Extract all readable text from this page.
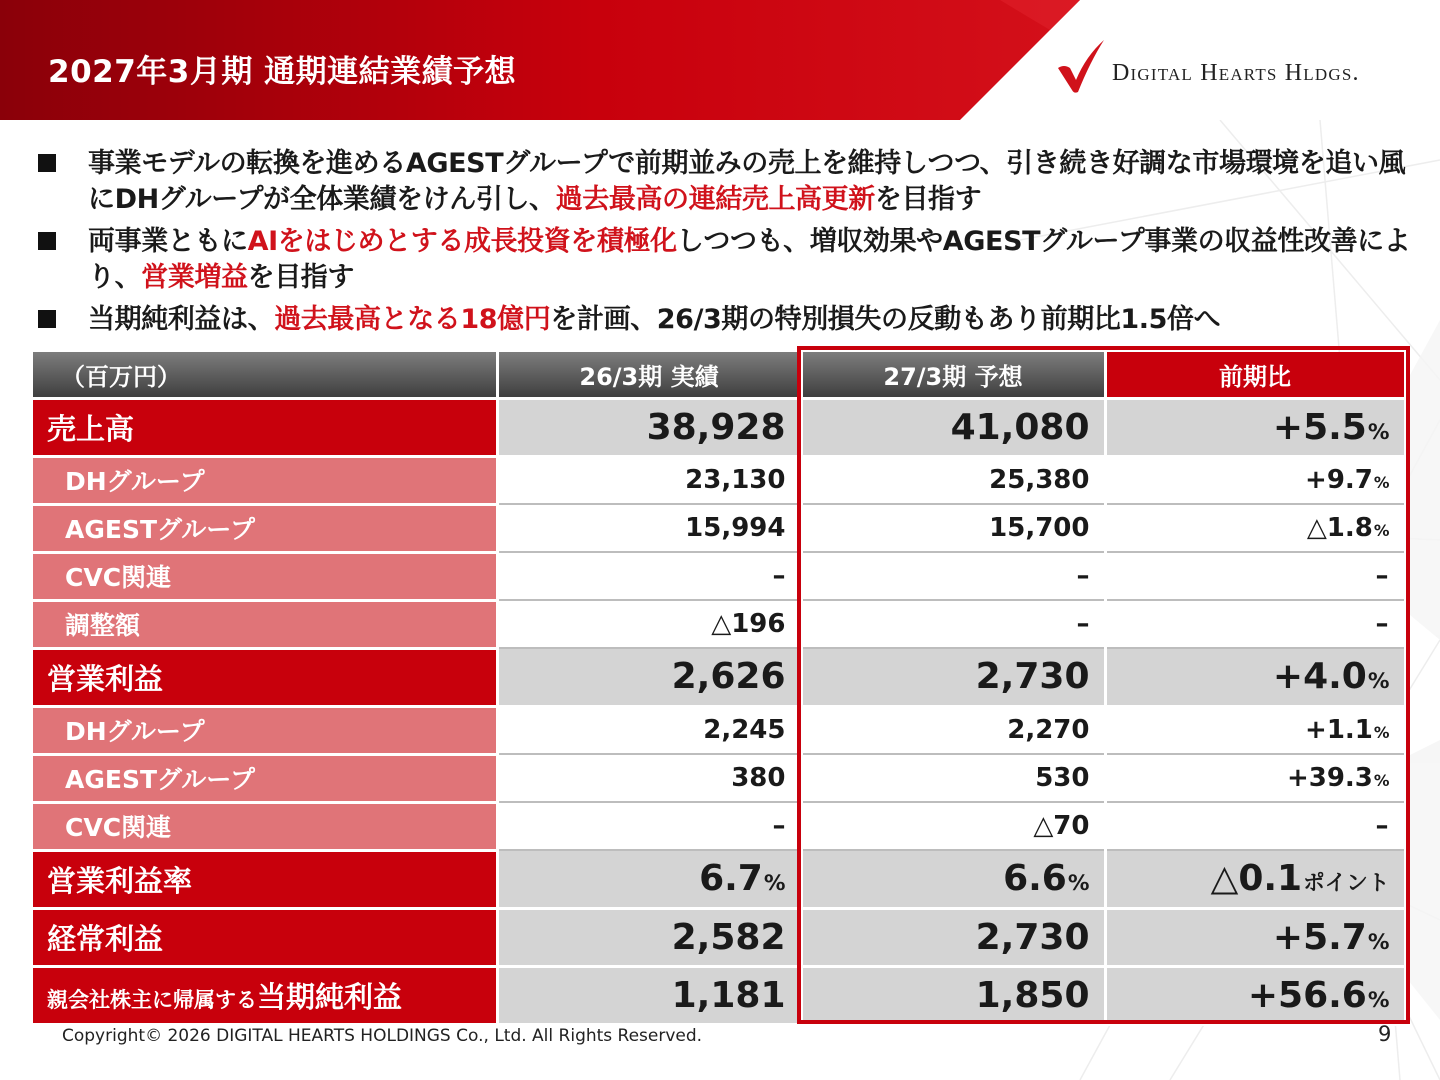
2027年3月期 通期連結業績予想	Digital Hearts Hldgs.
事業モデルの転換を進めるAGESTグループで前期並みの売上を維持しつつ、引き続き好調な市場環境を追い風にDHグループが全体業績をけん引し、過去最高の連結売上高更新を目指す
両事業ともにAIをはじめとする成長投資を積極化しつつも、増収効果やAGESTグループ事業の収益性改善により、営業増益を目指す
当期純利益は、過去最高となる18億円を計画、26/3期の特別損失の反動もあり前期比1.5倍へ
（百万円）	26/3期 実績	27/3期 予想	前期比
売上高	38,928	41,080	+5.5%
DHグループ	23,130	25,380	+9.7%
AGESTグループ	15,994	15,700	△1.8%
CVC関連	–	–	–
調整額	△196	–	–
営業利益	2,626	2,730	+4.0%
DHグループ	2,245	2,270	+1.1%
AGESTグループ	380	530	+39.3%
CVC関連	–	△70	–
営業利益率	6.7%	6.6%	△0.1ポイント
経常利益	2,582	2,730	+5.7%
親会社株主に帰属する当期純利益	1,181	1,850	+56.6%
Copyright© 2026 DIGITAL HEARTS HOLDINGS Co., Ltd. All Rights Reserved.	9
